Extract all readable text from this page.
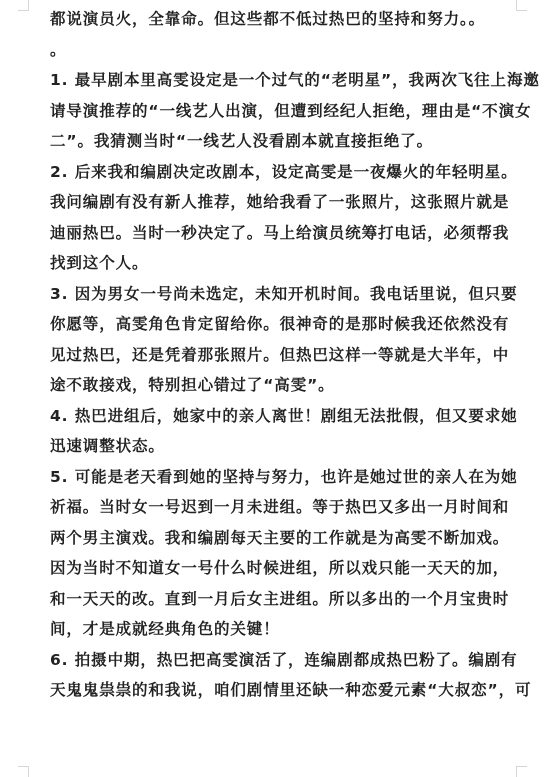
都说演员火，全靠命。但这些都不低过热巴的坚持和努力。。
。
1. 最早剧本里高雯设定是一个过气的“老明星”，我两次飞往上海邀
请导演推荐的“一线艺人出演，但遭到经纪人拒绝，理由是“不演女
二”。我猜测当时“一线艺人没看剧本就直接拒绝了。
2. 后来我和编剧决定改剧本，设定高雯是一夜爆火的年轻明星。
我问编剧有没有新人推荐，她给我看了一张照片，这张照片就是
迪丽热巴。当时一秒决定了。马上给演员统筹打电话，必须帮我
找到这个人。
3. 因为男女一号尚未选定，未知开机时间。我电话里说，但只要
你愿等，高雯角色肯定留给你。很神奇的是那时候我还依然没有
见过热巴，还是凭着那张照片。但热巴这样一等就是大半年，中
途不敢接戏，特别担心错过了“高雯”。
4. 热巴进组后，她家中的亲人离世！剧组无法批假，但又要求她
迅速调整状态。
5. 可能是老天看到她的坚持与努力，也许是她过世的亲人在为她
祈福。当时女一号迟到一月未进组。等于热巴又多出一月时间和
两个男主演戏。我和编剧每天主要的工作就是为高雯不断加戏。
因为当时不知道女一号什么时候进组，所以戏只能一天天的加，
和一天天的改。直到一月后女主进组。所以多出的一个月宝贵时
间，才是成就经典角色的关键！
6. 拍摄中期，热巴把高雯演活了，连编剧都成热巴粉了。编剧有
天鬼鬼祟祟的和我说，咱们剧情里还缺一种恋爱元素“大叔恋”，可
